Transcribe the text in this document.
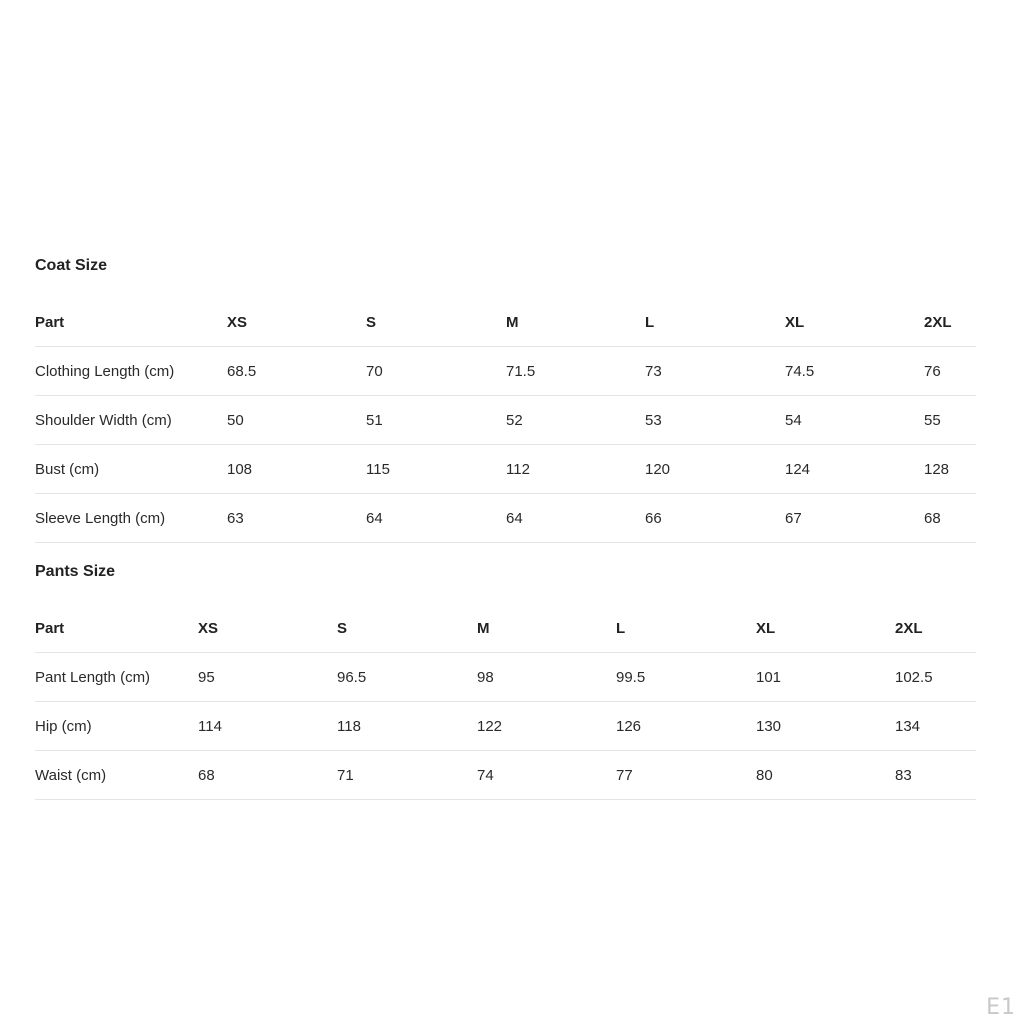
Coat Size
Part	XS	S	M	L	XL	2XL
Clothing Length (cm)	68.5	70	71.5	73	74.5	76
Shoulder Width (cm)	50	51	52	53	54	55
Bust (cm)	108	115	112	120	124	128
Sleeve Length (cm)	63	64	64	66	67	68
Pants Size
Part	XS	S	M	L	XL	2XL
Pant Length (cm)	95	96.5	98	99.5	101	102.5
Hip (cm)	114	118	122	126	130	134
Waist (cm)	68	71	74	77	80	83
E1
